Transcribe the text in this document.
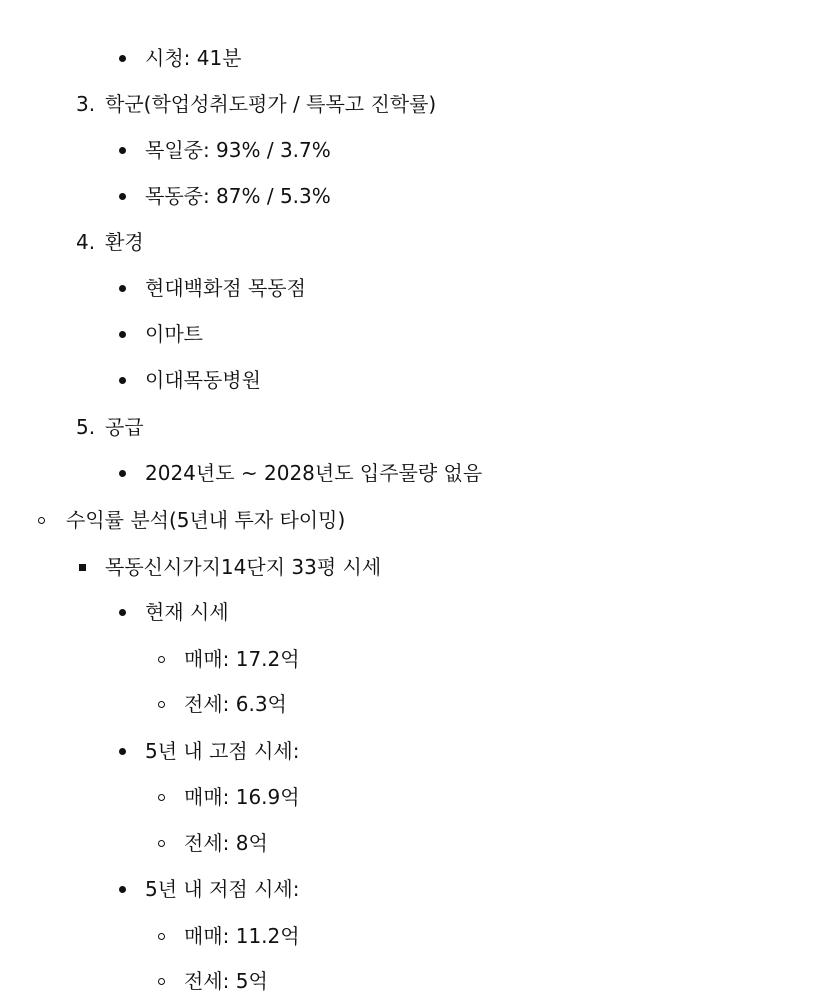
시청: 41분
3. 학군(학업성취도평가 / 특목고 진학률)
목일중: 93% / 3.7%
목동중: 87% / 5.3%
4. 환경
현대백화점 목동점
이마트
이대목동병원
5. 공급
2024년도 ~ 2028년도 입주물량 없음
수익률 분석(5년내 투자 타이밍)
목동신시가지14단지 33평 시세
현재 시세
매매: 17.2억
전세: 6.3억
5년 내 고점 시세:
매매: 16.9억
전세: 8억
5년 내 저점 시세:
매매: 11.2억
전세: 5억
